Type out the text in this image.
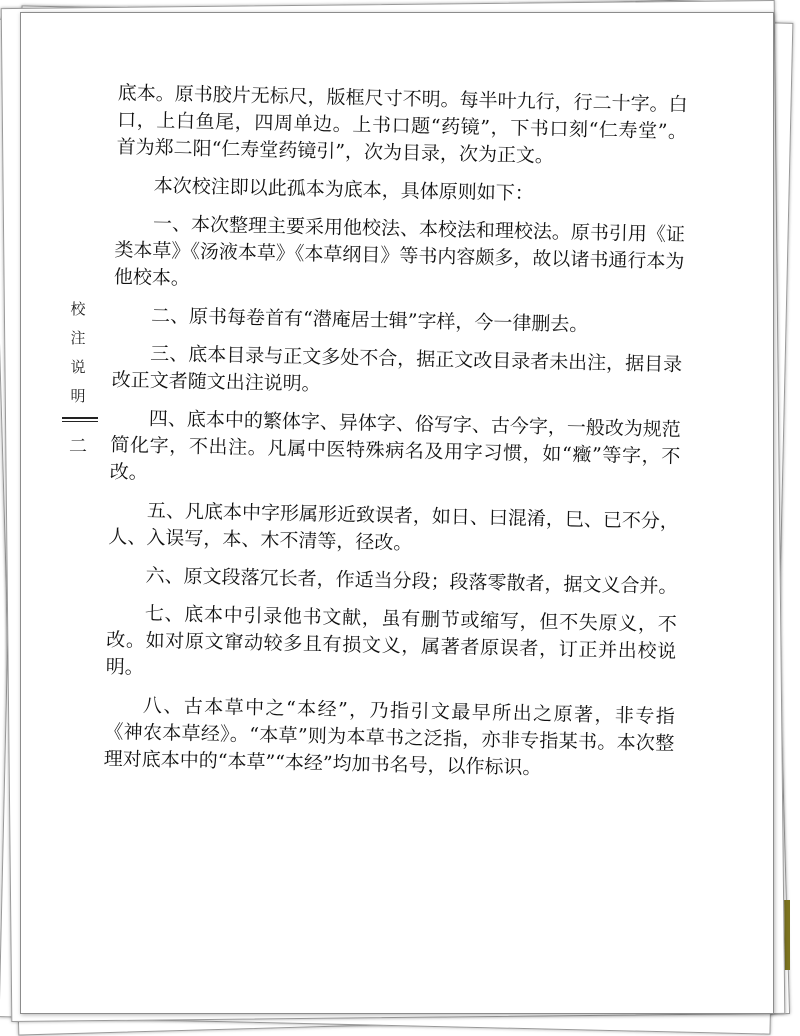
校
注
说
明
二

底本。原书胶片无标尺，版框尺寸不明。每半叶九行，行二十字。白口，上白鱼尾，四周单边。上书口题“药镜”，下书口刻“仁寿堂”。首为郑二阳“仁寿堂药镜引”，次为目录，次为正文。

本次校注即以此孤本为底本，具体原则如下：

一、本次整理主要采用他校法、本校法和理校法。原书引用《证类本草》《汤液本草》《本草纲目》等书内容颇多，故以诸书通行本为他校本。

二、原书每卷首有“潜庵居士辑”字样，今一律删去。

三、底本目录与正文多处不合，据正文改目录者未出注，据目录改正文者随文出注说明。

四、底本中的繁体字、异体字、俗写字、古今字，一般改为规范简化字，不出注。凡属中医特殊病名及用字习惯，如“癥”等字，不改。

五、凡底本中字形属形近致误者，如日、曰混淆，巳、已不分，人、入误写，本、木不清等，径改。

六、原文段落冗长者，作适当分段；段落零散者，据文义合并。

七、底本中引录他书文献，虽有删节或缩写，但不失原义，不改。如对原文窜动较多且有损文义，属著者原误者，订正并出校说明。

八、古本草中之“本经”，乃指引文最早所出之原著，非专指《神农本草经》。“本草”则为本草书之泛指，亦非专指某书。本次整理对底本中的“本草”“本经”均加书名号，以作标识。
